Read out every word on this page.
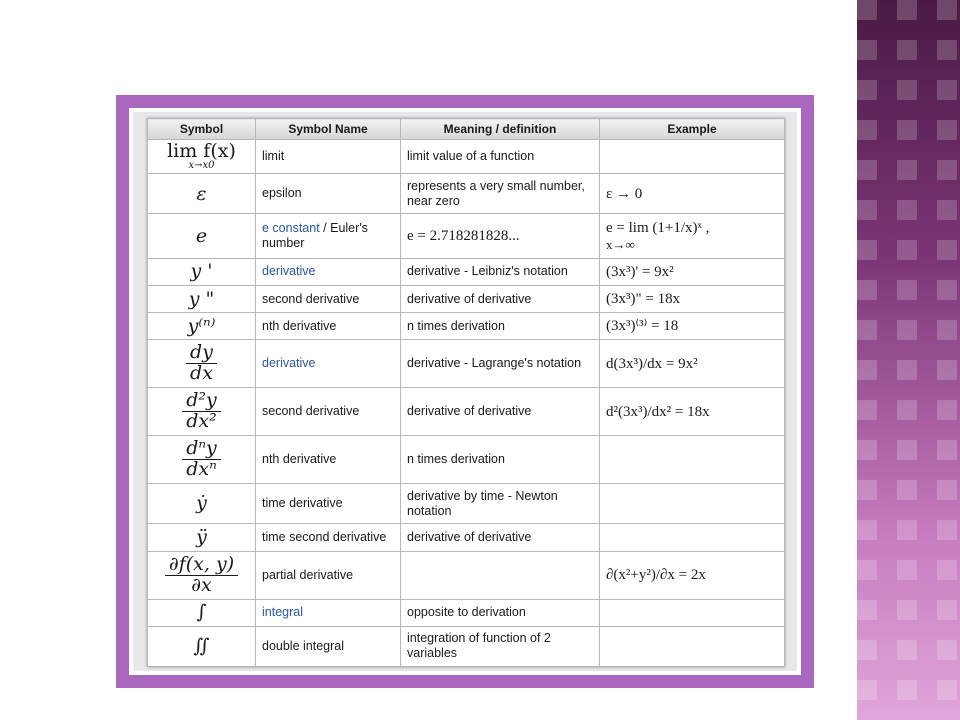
Symbol	Symbol Name	Meaning / definition	Example

lim f(x)
x→x0	limit	limit value of a function	
ε	epsilon	represents a very small number, near zero	ε → 0
e	e constant / Euler's number	e = 2.718281828...	e = lim (1+1/x)ˣ ,
x→∞

y '	derivative	derivative - Leibniz's notation	(3x³)' = 9x²
y "	second derivative	derivative of derivative	(3x³)" = 18x
y⁽ⁿ⁾	nth derivative	n times derivation	(3x³)⁽³⁾ = 18

$\frac{dy}{dx}$	derivative	derivative - Lagrange's notation	d(3x³)/dx = 9x²

$\frac{\text{d²y}}{\text{dx²}}$	second derivative	derivative of derivative	d²(3x³)/dx² = 18x

$\frac{\text{dⁿy}}{\text{dxⁿ}}$	nth derivative	n times derivation	
ẏ	time derivative	derivative by time - Newton notation	
ÿ	time second derivative	derivative of derivative	

$\frac{\partial f(x, y)}{\partial x}$	partial derivative		∂(x²+y²)/∂x = 2x
∫	integral	opposite to derivation	
∬	double integral	integration of function of 2 variables	
